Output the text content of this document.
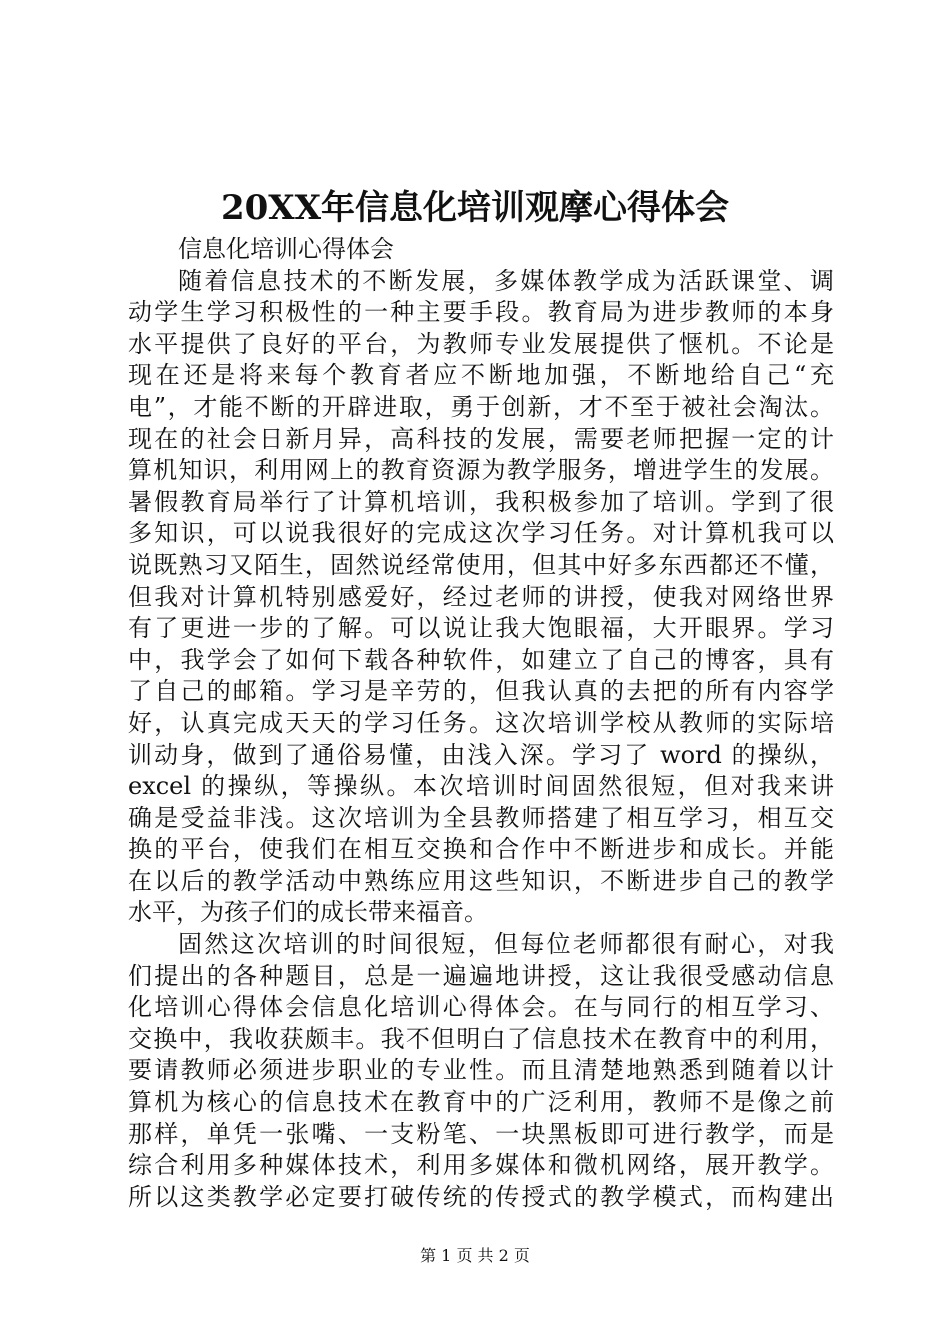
20XX年信息化培训观摩心得体会
信息化培训心得体会
随着信息技术的不断发展，多媒体教学成为活跃课堂、调
动学生学习积极性的一种主要手段。教育局为进步教师的本身
水平提供了良好的平台，为教师专业发展提供了惬机。不论是
现在还是将来每个教育者应不断地加强，不断地给自己“充
电”，才能不断的开辟进取，勇于创新，才不至于被社会淘汰。
现在的社会日新月异，高科技的发展，需要老师把握一定的计
算机知识，利用网上的教育资源为教学服务，增进学生的发展。
暑假教育局举行了计算机培训，我积极参加了培训。学到了很
多知识，可以说我很好的完成这次学习任务。对计算机我可以
说既熟习又陌生，固然说经常使用，但其中好多东西都还不懂，
但我对计算机特别感爱好，经过老师的讲授，使我对网络世界
有了更进一步的了解。可以说让我大饱眼福，大开眼界。学习
中，我学会了如何下载各种软件，如建立了自己的博客，具有
了自己的邮箱。学习是辛劳的，但我认真的去把的所有内容学
好，认真完成天天的学习任务。这次培训学校从教师的实际培
训动身，做到了通俗易懂，由浅入深。学习了 word 的操纵，
excel 的操纵，等操纵。本次培训时间固然很短，但对我来讲
确是受益非浅。这次培训为全县教师搭建了相互学习，相互交
换的平台，使我们在相互交换和合作中不断进步和成长。并能
在以后的教学活动中熟练应用这些知识，不断进步自己的教学
水平，为孩子们的成长带来福音。
固然这次培训的时间很短，但每位老师都很有耐心，对我
们提出的各种题目，总是一遍遍地讲授，这让我很受感动信息
化培训心得体会信息化培训心得体会。在与同行的相互学习、
交换中，我收获颇丰。我不但明白了信息技术在教育中的利用，
要请教师必须进步职业的专业性。而且清楚地熟悉到随着以计
算机为核心的信息技术在教育中的广泛利用，教师不是像之前
那样，单凭一张嘴、一支粉笔、一块黑板即可进行教学，而是
综合利用多种媒体技术，利用多媒体和微机网络，展开教学。
所以这类教学必定要打破传统的传授式的教学模式，而构建出
第 1 页 共 2 页
